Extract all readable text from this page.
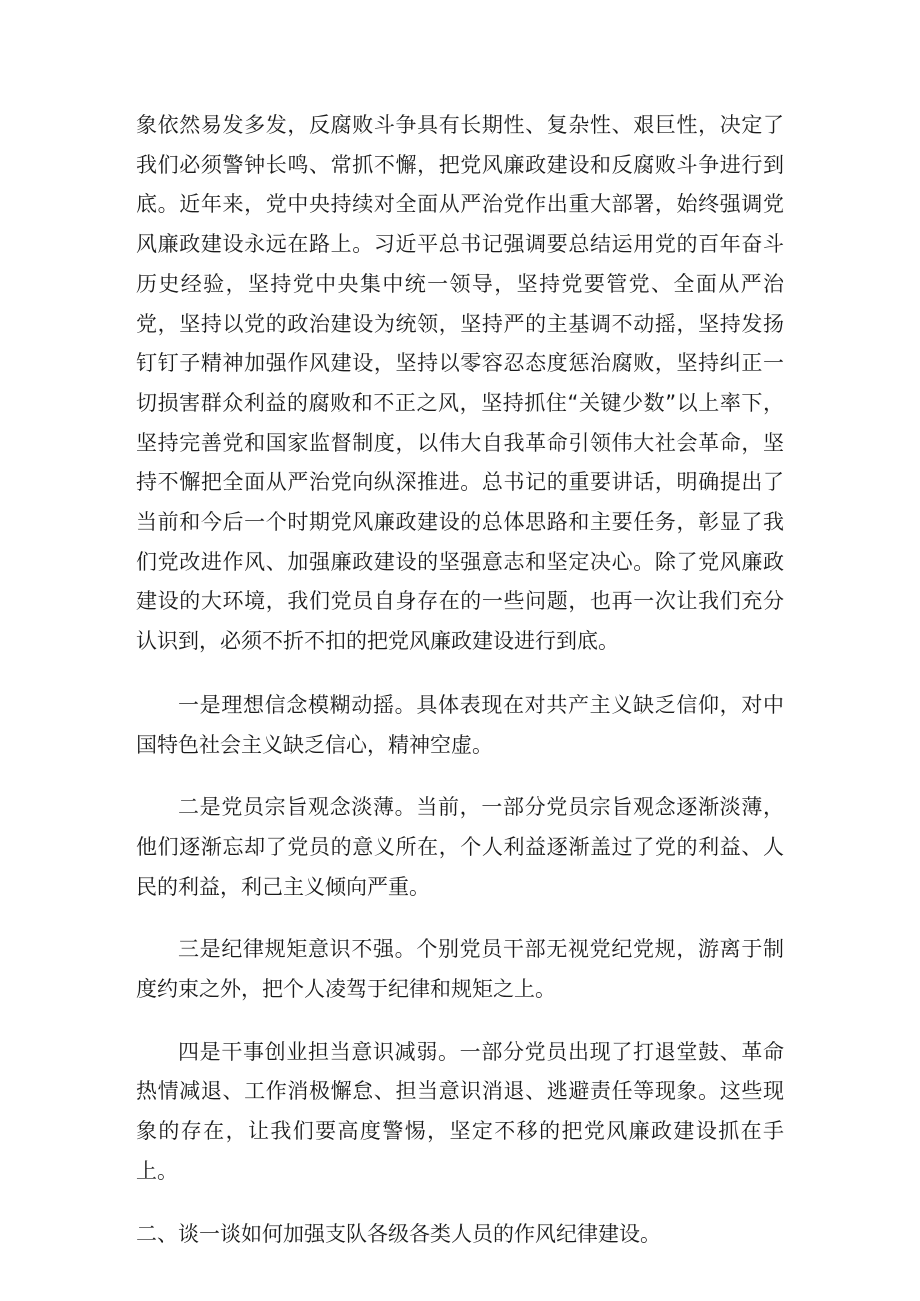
象依然易发多发，反腐败斗争具有长期性、复杂性、艰巨性，决定了我们必须警钟长鸣、常抓不懈，把党风廉政建设和反腐败斗争进行到底。近年来，党中央持续对全面从严治党作出重大部署，始终强调党风廉政建设永远在路上。习近平总书记强调要总结运用党的百年奋斗历史经验，坚持党中央集中统一领导，坚持党要管党、全面从严治党，坚持以党的政治建设为统领，坚持严的主基调不动摇，坚持发扬钉钉子精神加强作风建设，坚持以零容忍态度惩治腐败，坚持纠正一切损害群众利益的腐败和不正之风，坚持抓住“关键少数”以上率下，坚持完善党和国家监督制度，以伟大自我革命引领伟大社会革命，坚持不懈把全面从严治党向纵深推进。总书记的重要讲话，明确提出了当前和今后一个时期党风廉政建设的总体思路和主要任务，彰显了我们党改进作风、加强廉政建设的坚强意志和坚定决心。除了党风廉政建设的大环境，我们党员自身存在的一些问题，也再一次让我们充分认识到，必须不折不扣的把党风廉政建设进行到底。

一是理想信念模糊动摇。具体表现在对共产主义缺乏信仰，对中国特色社会主义缺乏信心，精神空虚。

二是党员宗旨观念淡薄。当前，一部分党员宗旨观念逐渐淡薄，他们逐渐忘却了党员的意义所在，个人利益逐渐盖过了党的利益、人民的利益，利己主义倾向严重。

三是纪律规矩意识不强。个别党员干部无视党纪党规，游离于制度约束之外，把个人凌驾于纪律和规矩之上。

四是干事创业担当意识减弱。一部分党员出现了打退堂鼓、革命热情减退、工作消极懈怠、担当意识消退、逃避责任等现象。这些现象的存在，让我们要高度警惕，坚定不移的把党风廉政建设抓在手上。

二、谈一谈如何加强支队各级各类人员的作风纪律建设。
